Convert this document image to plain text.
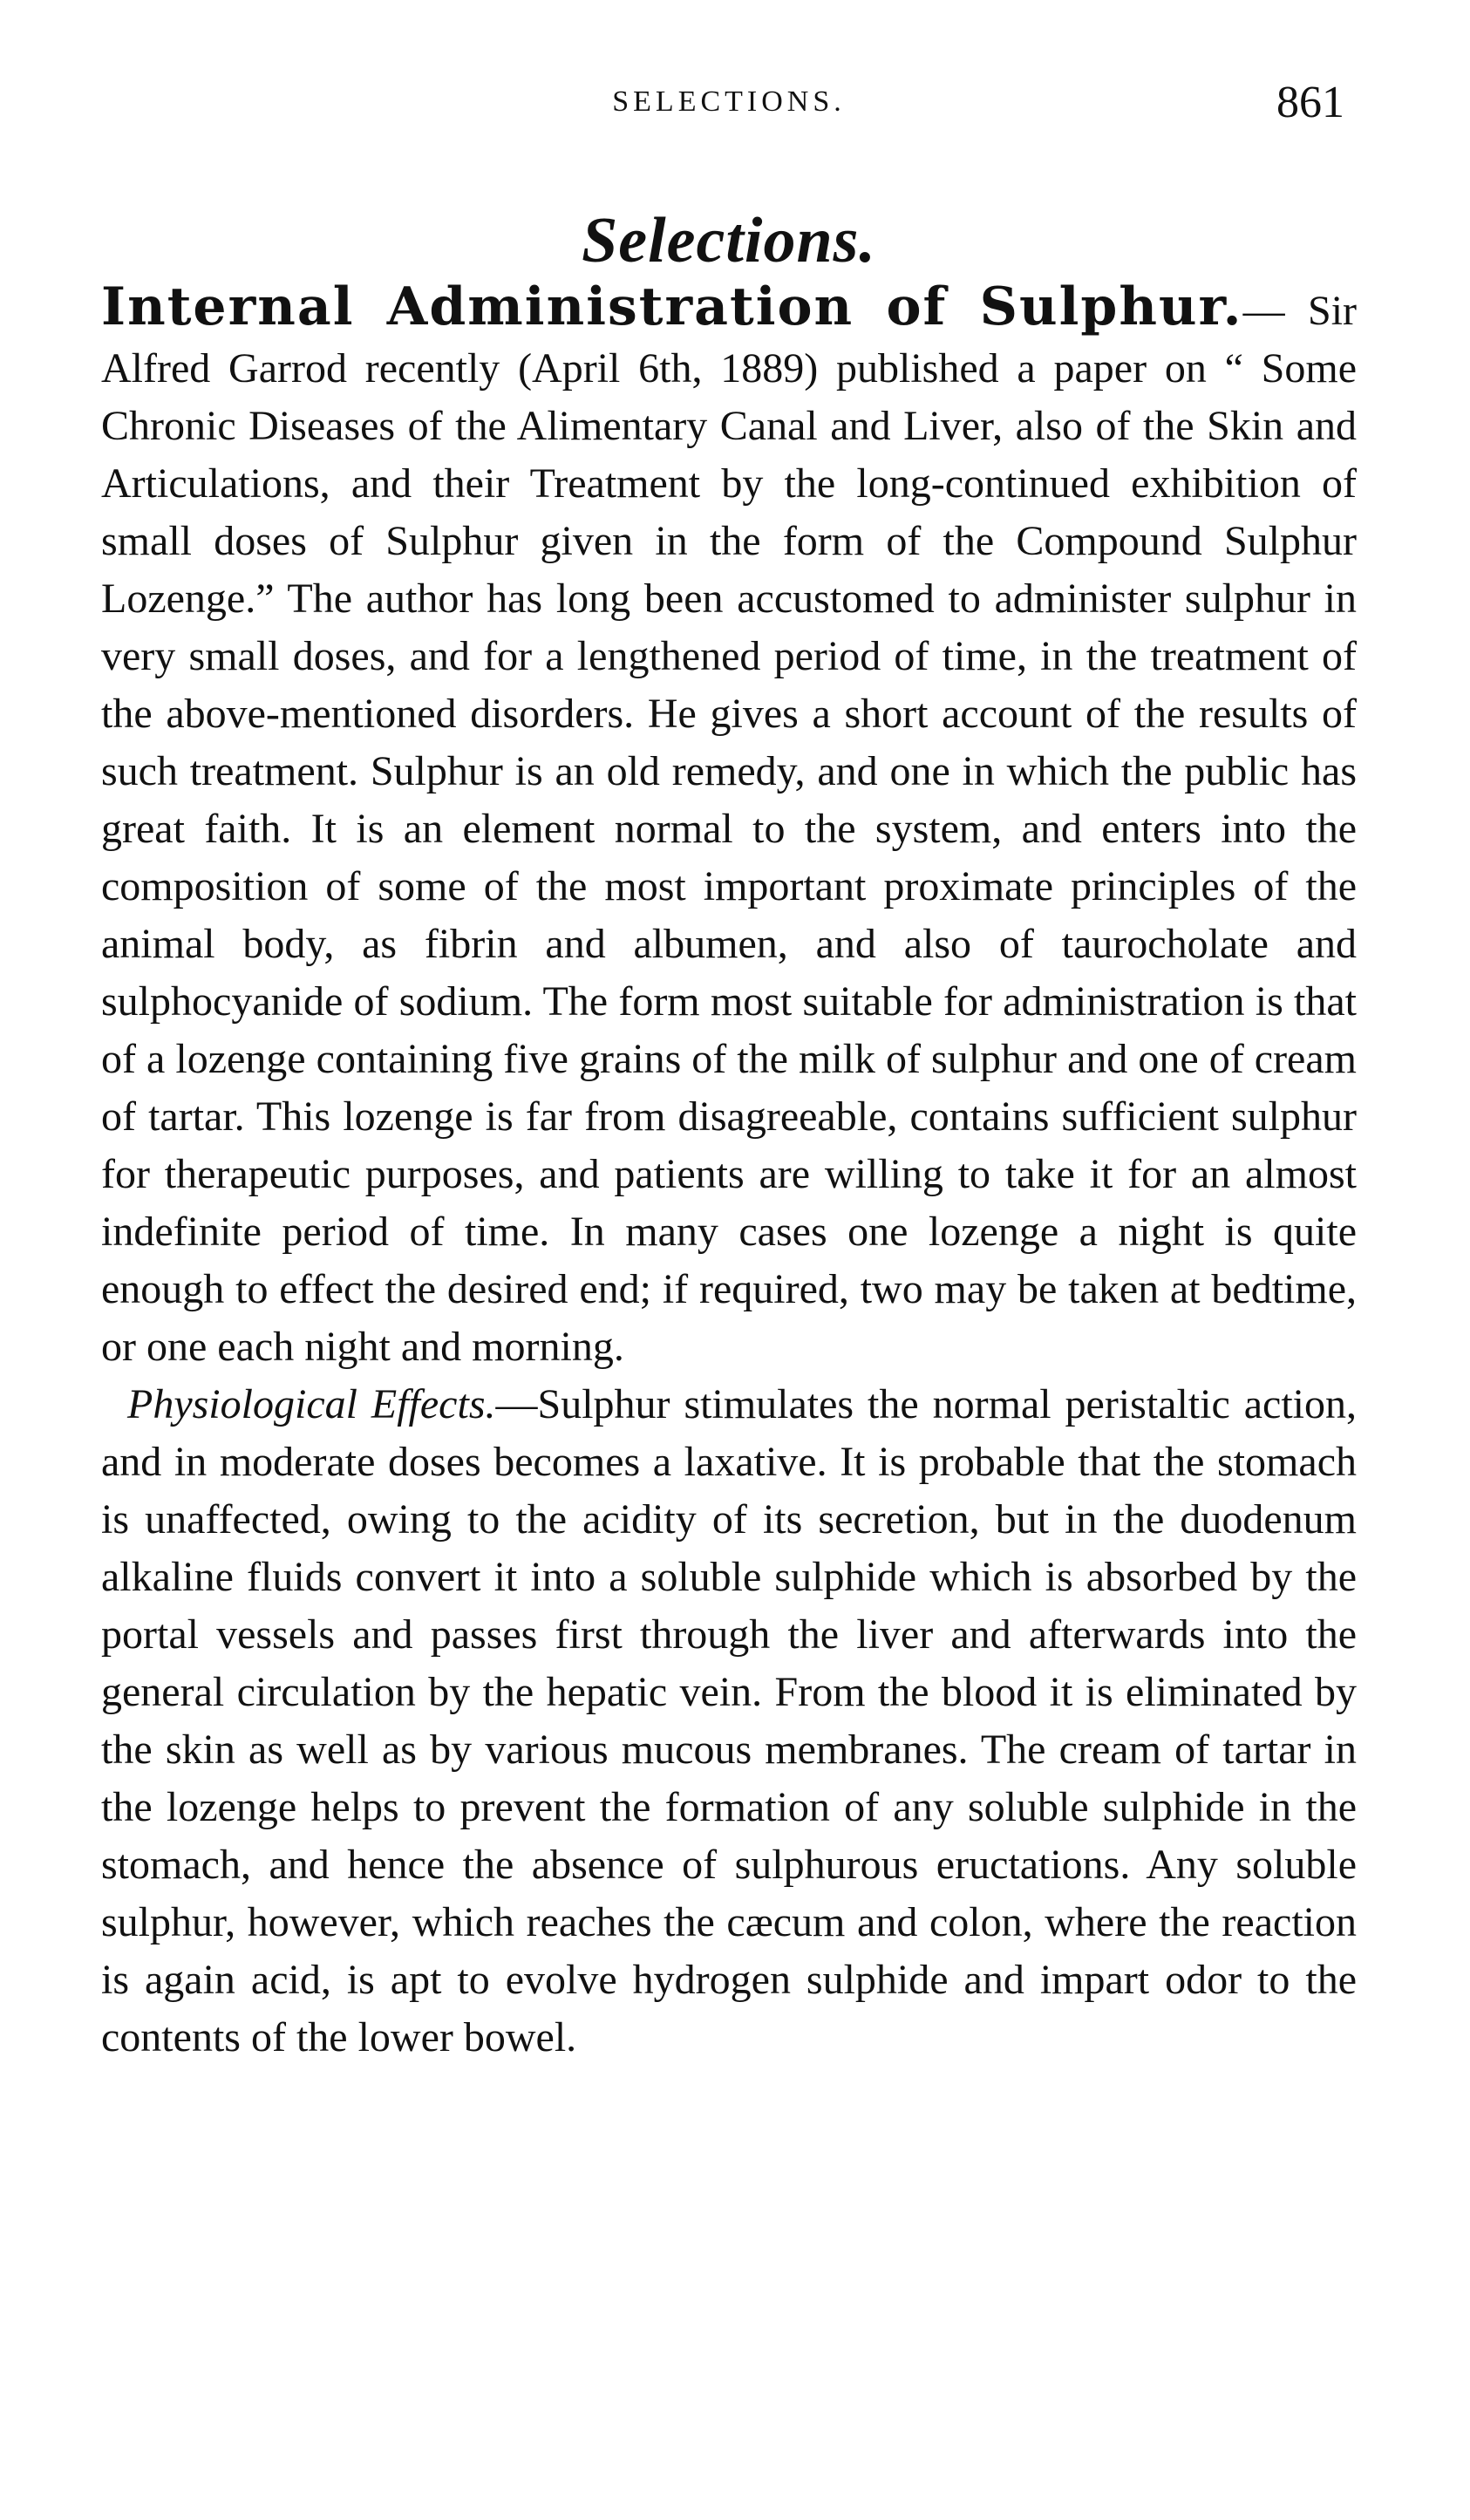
SELECTIONS.	861
Selections.

Internal Administration of Sulphur.— Sir Alfred Garrod recently (April 6th, 1889) published a paper on “ Some Chronic Diseases of the Alimentary Canal and Liver, also of the Skin and Articulations, and their Treatment by the long-continued exhibition of small doses of Sulphur given in the form of the Compound Sulphur Lozenge.” The author has long been accustomed to administer sulphur in very small doses, and for a lengthened period of time, in the treatment of the above-mentioned disorders. He gives a short account of the results of such treatment. Sulphur is an old remedy, and one in which the public has great faith. It is an element normal to the system, and enters into the composition of some of the most important proximate principles of the animal body, as fibrin and albumen, and also of taurocholate and sulphocyanide of sodium. The form most suitable for administration is that of a lozenge containing five grains of the milk of sulphur and one of cream of tartar. This lozenge is far from disagreeable, contains sufficient sulphur for therapeutic purposes, and patients are willing to take it for an almost indefinite period of time. In many cases one lozenge a night is quite enough to effect the desired end; if required, two may be taken at bedtime, or one each night and morning.

Physiological Effects.—Sulphur stimulates the normal peristaltic action, and in moderate doses becomes a laxative. It is probable that the stomach is unaffected, owing to the acidity of its secretion, but in the duodenum alkaline fluids convert it into a soluble sulphide which is absorbed by the portal vessels and passes first through the liver and afterwards into the general circulation by the hepatic vein. From the blood it is eliminated by the skin as well as by various mucous membranes. The cream of tartar in the lozenge helps to prevent the formation of any soluble sulphide in the stomach, and hence the absence of sulphurous eructations. Any soluble sulphur, however, which reaches the cæcum and colon, where the reaction is again acid, is apt to evolve hydrogen sulphide and impart odor to the contents of the lower bowel.
